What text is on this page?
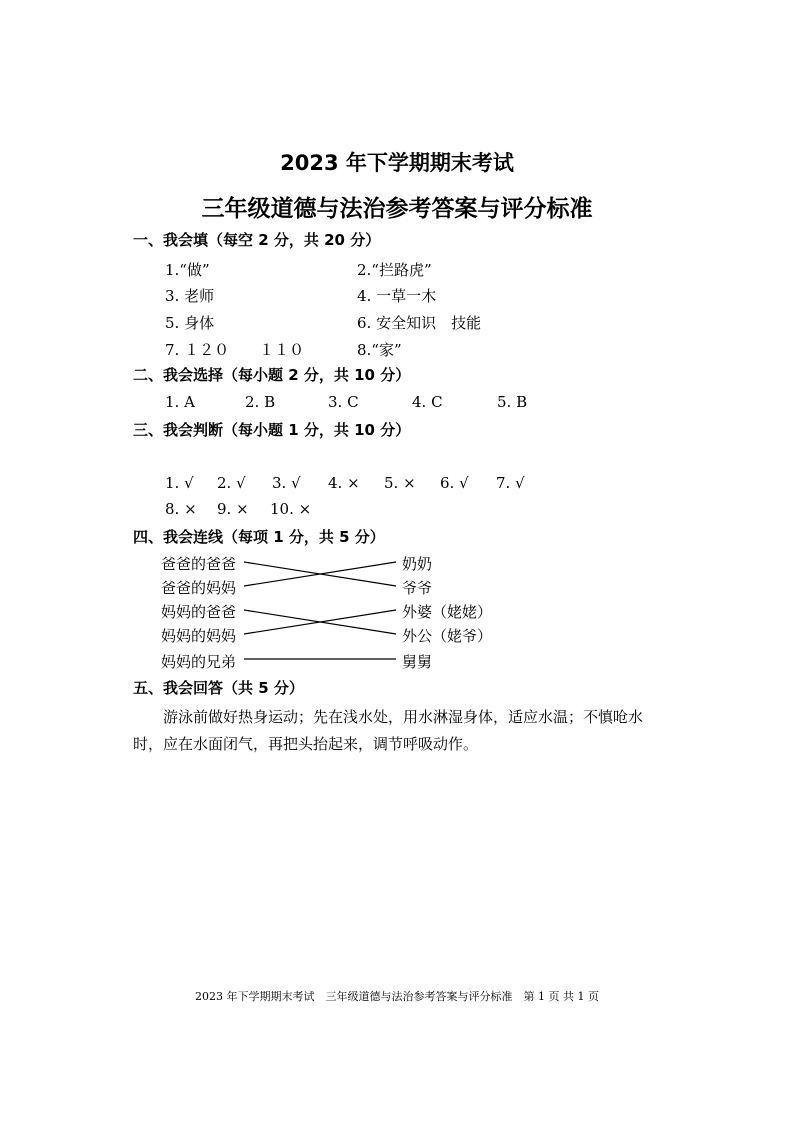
2023 年下学期期末考试
三年级道德与法治参考答案与评分标准
一、我会填（每空 2 分，共 20 分）
1.“做”	2.“拦路虎”
3. 老师	4. 一草一木
5. 身体	6. 安全知识　技能
7. １２０　　１１０	8.“家”
二、我会选择（每小题 2 分，共 10 分）
1. A	2. B	3. C	4. C	5. B
三、我会判断（每小题 1 分，共 10 分）
1. √ 2. √ 3. √ 4. × 5. × 6. √ 7. √
8. × 9. × 10. ×
四、我会连线（每项 1 分，共 5 分）
爸爸的爸爸
爸爸的妈妈
妈妈的爸爸
妈妈的妈妈
妈妈的兄弟
奶奶
爷爷
外婆（姥姥）
外公（姥爷）
舅舅
五、我会回答（共 5 分）

游泳前做好热身运动；先在浅水处，用水淋湿身体，适应水温；不慎呛水时，应在水面闭气，再把头抬起来，调节呼吸动作。

2023 年下学期期末考试　三年级道德与法治参考答案与评分标准　第 1 页 共 1 页
